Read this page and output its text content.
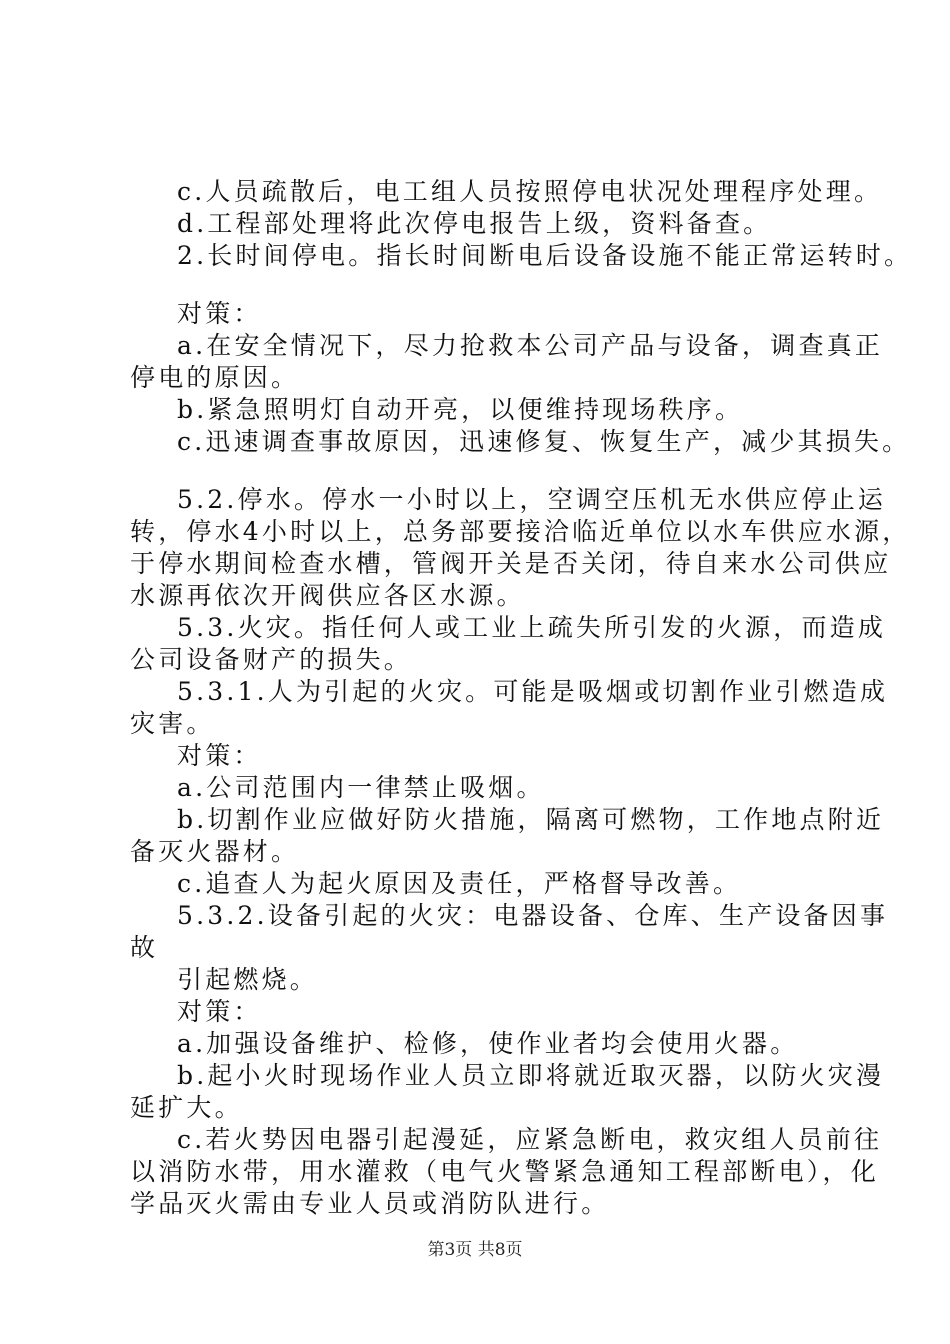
c.人员疏散后，电工组人员按照停电状况处理程序处理。
d.工程部处理将此次停电报告上级，资料备查。
2.长时间停电。指长时间断电后设备设施不能正常运转时。
对策：
a.在安全情况下，尽力抢救本公司产品与设备，调查真正
停电的原因。
b.紧急照明灯自动开亮，以便维持现场秩序。
c.迅速调查事故原因，迅速修复、恢复生产，减少其损失。
5.2.停水。停水一小时以上，空调空压机无水供应停止运
转，停水4小时以上，总务部要接洽临近单位以水车供应水源，
于停水期间检查水槽，管阀开关是否关闭，待自来水公司供应
水源再依次开阀供应各区水源。
5.3.火灾。指任何人或工业上疏失所引发的火源，而造成
公司设备财产的损失。
5.3.1.人为引起的火灾。可能是吸烟或切割作业引燃造成
灾害。
对策：
a.公司范围内一律禁止吸烟。
b.切割作业应做好防火措施，隔离可燃物，工作地点附近
备灭火器材。
c.追查人为起火原因及责任，严格督导改善。
5.3.2.设备引起的火灾：电器设备、仓库、生产设备因事
故
引起燃烧。
对策：
a.加强设备维护、检修，使作业者均会使用火器。
b.起小火时现场作业人员立即将就近取灭器，以防火灾漫
延扩大。
c.若火势因电器引起漫延，应紧急断电，救灾组人员前往
以消防水带，用水灌救（电气火警紧急通知工程部断电），化
学品灭火需由专业人员或消防队进行。
第3页 共8页
